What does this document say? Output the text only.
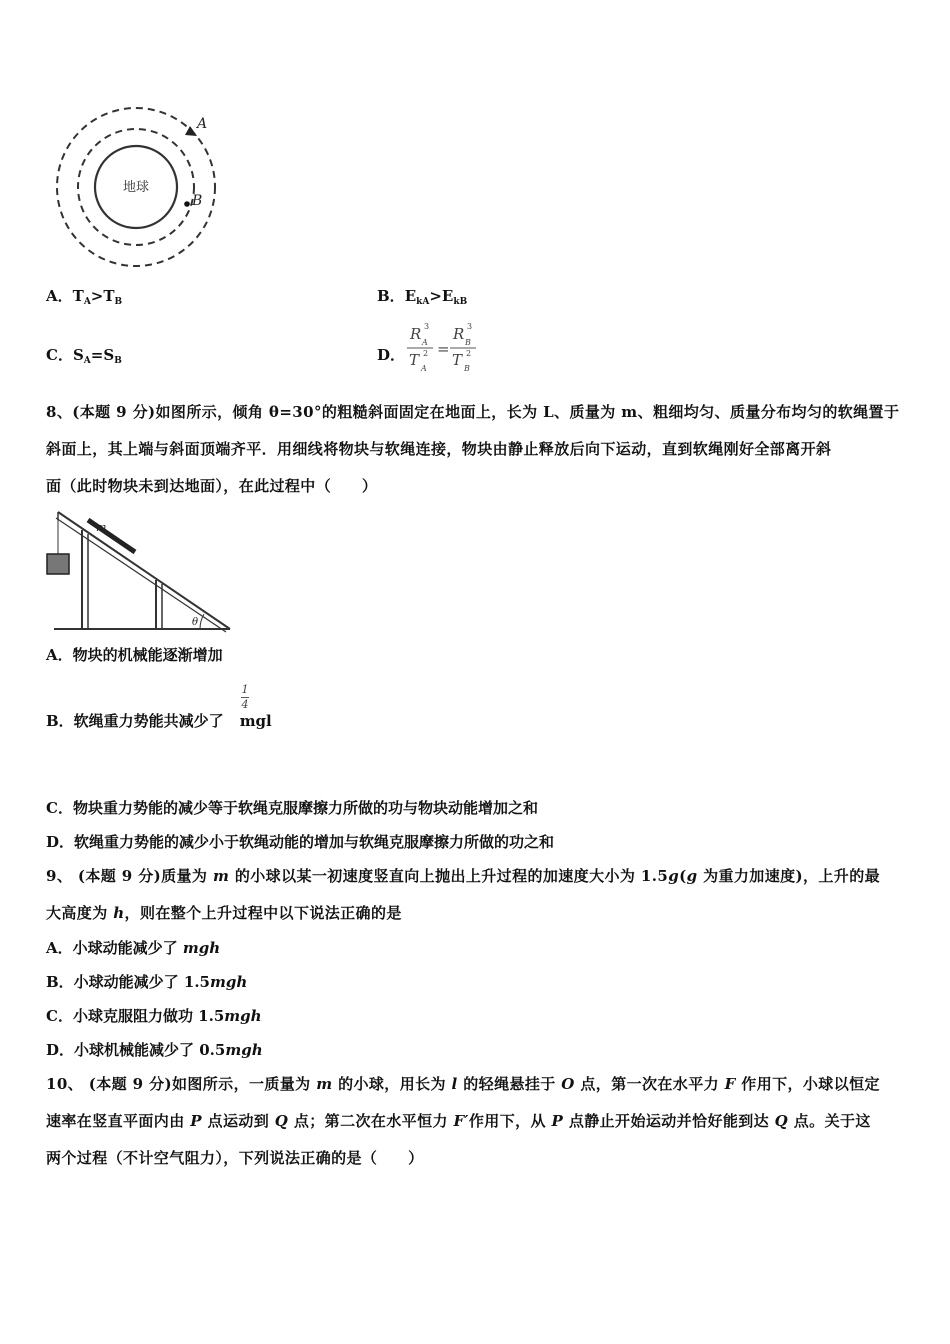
地球
A
B
A．$T_A>T_B$	B．$E_{kA}>E_{kB}$
C．$S_A=S_B$	D．
R A
3
T A
2 =
R B
3
T B
2
8、(本题 9 分)如图所示，倾角 θ=30°的粗糙斜面固定在地面上，长为 L、质量为 m、粗细均匀、质量分布均匀的软绳置于
斜面上，其上端与斜面顶端齐平．用细线将物块与软绳连接，物块由静止释放后向下运动，直到软绳刚好全部离开斜
面（此时物块未到达地面），在此过程中（　　）
m
θ
A．物块的机械能逐渐增加
B．软绳重力势能共减少了 mgl
1
4
C．物块重力势能的减少等于软绳克服摩擦力所做的功与物块动能增加之和
D．软绳重力势能的减少小于软绳动能的增加与软绳克服摩擦力所做的功之和
9、 (本题 9 分)质量为 m 的小球以某一初速度竖直向上抛出上升过程的加速度大小为 1.5g(g 为重力加速度)，上升的最
大高度为 h，则在整个上升过程中以下说法正确的是
A．小球动能减少了 mgh
B．小球动能减少了 1.5mgh
C．小球克服阻力做功 1.5mgh
D．小球机械能减少了 0.5mgh
10、 (本题 9 分)如图所示，一质量为 m 的小球，用长为 l 的轻绳悬挂于 O 点，第一次在水平力 F 作用下，小球以恒定
速率在竖直平面内由 P 点运动到 Q 点；第二次在水平恒力 F′作用下，从 P 点静止开始运动并恰好能到达 Q 点。关于这
两个过程（不计空气阻力），下列说法正确的是（　　）
